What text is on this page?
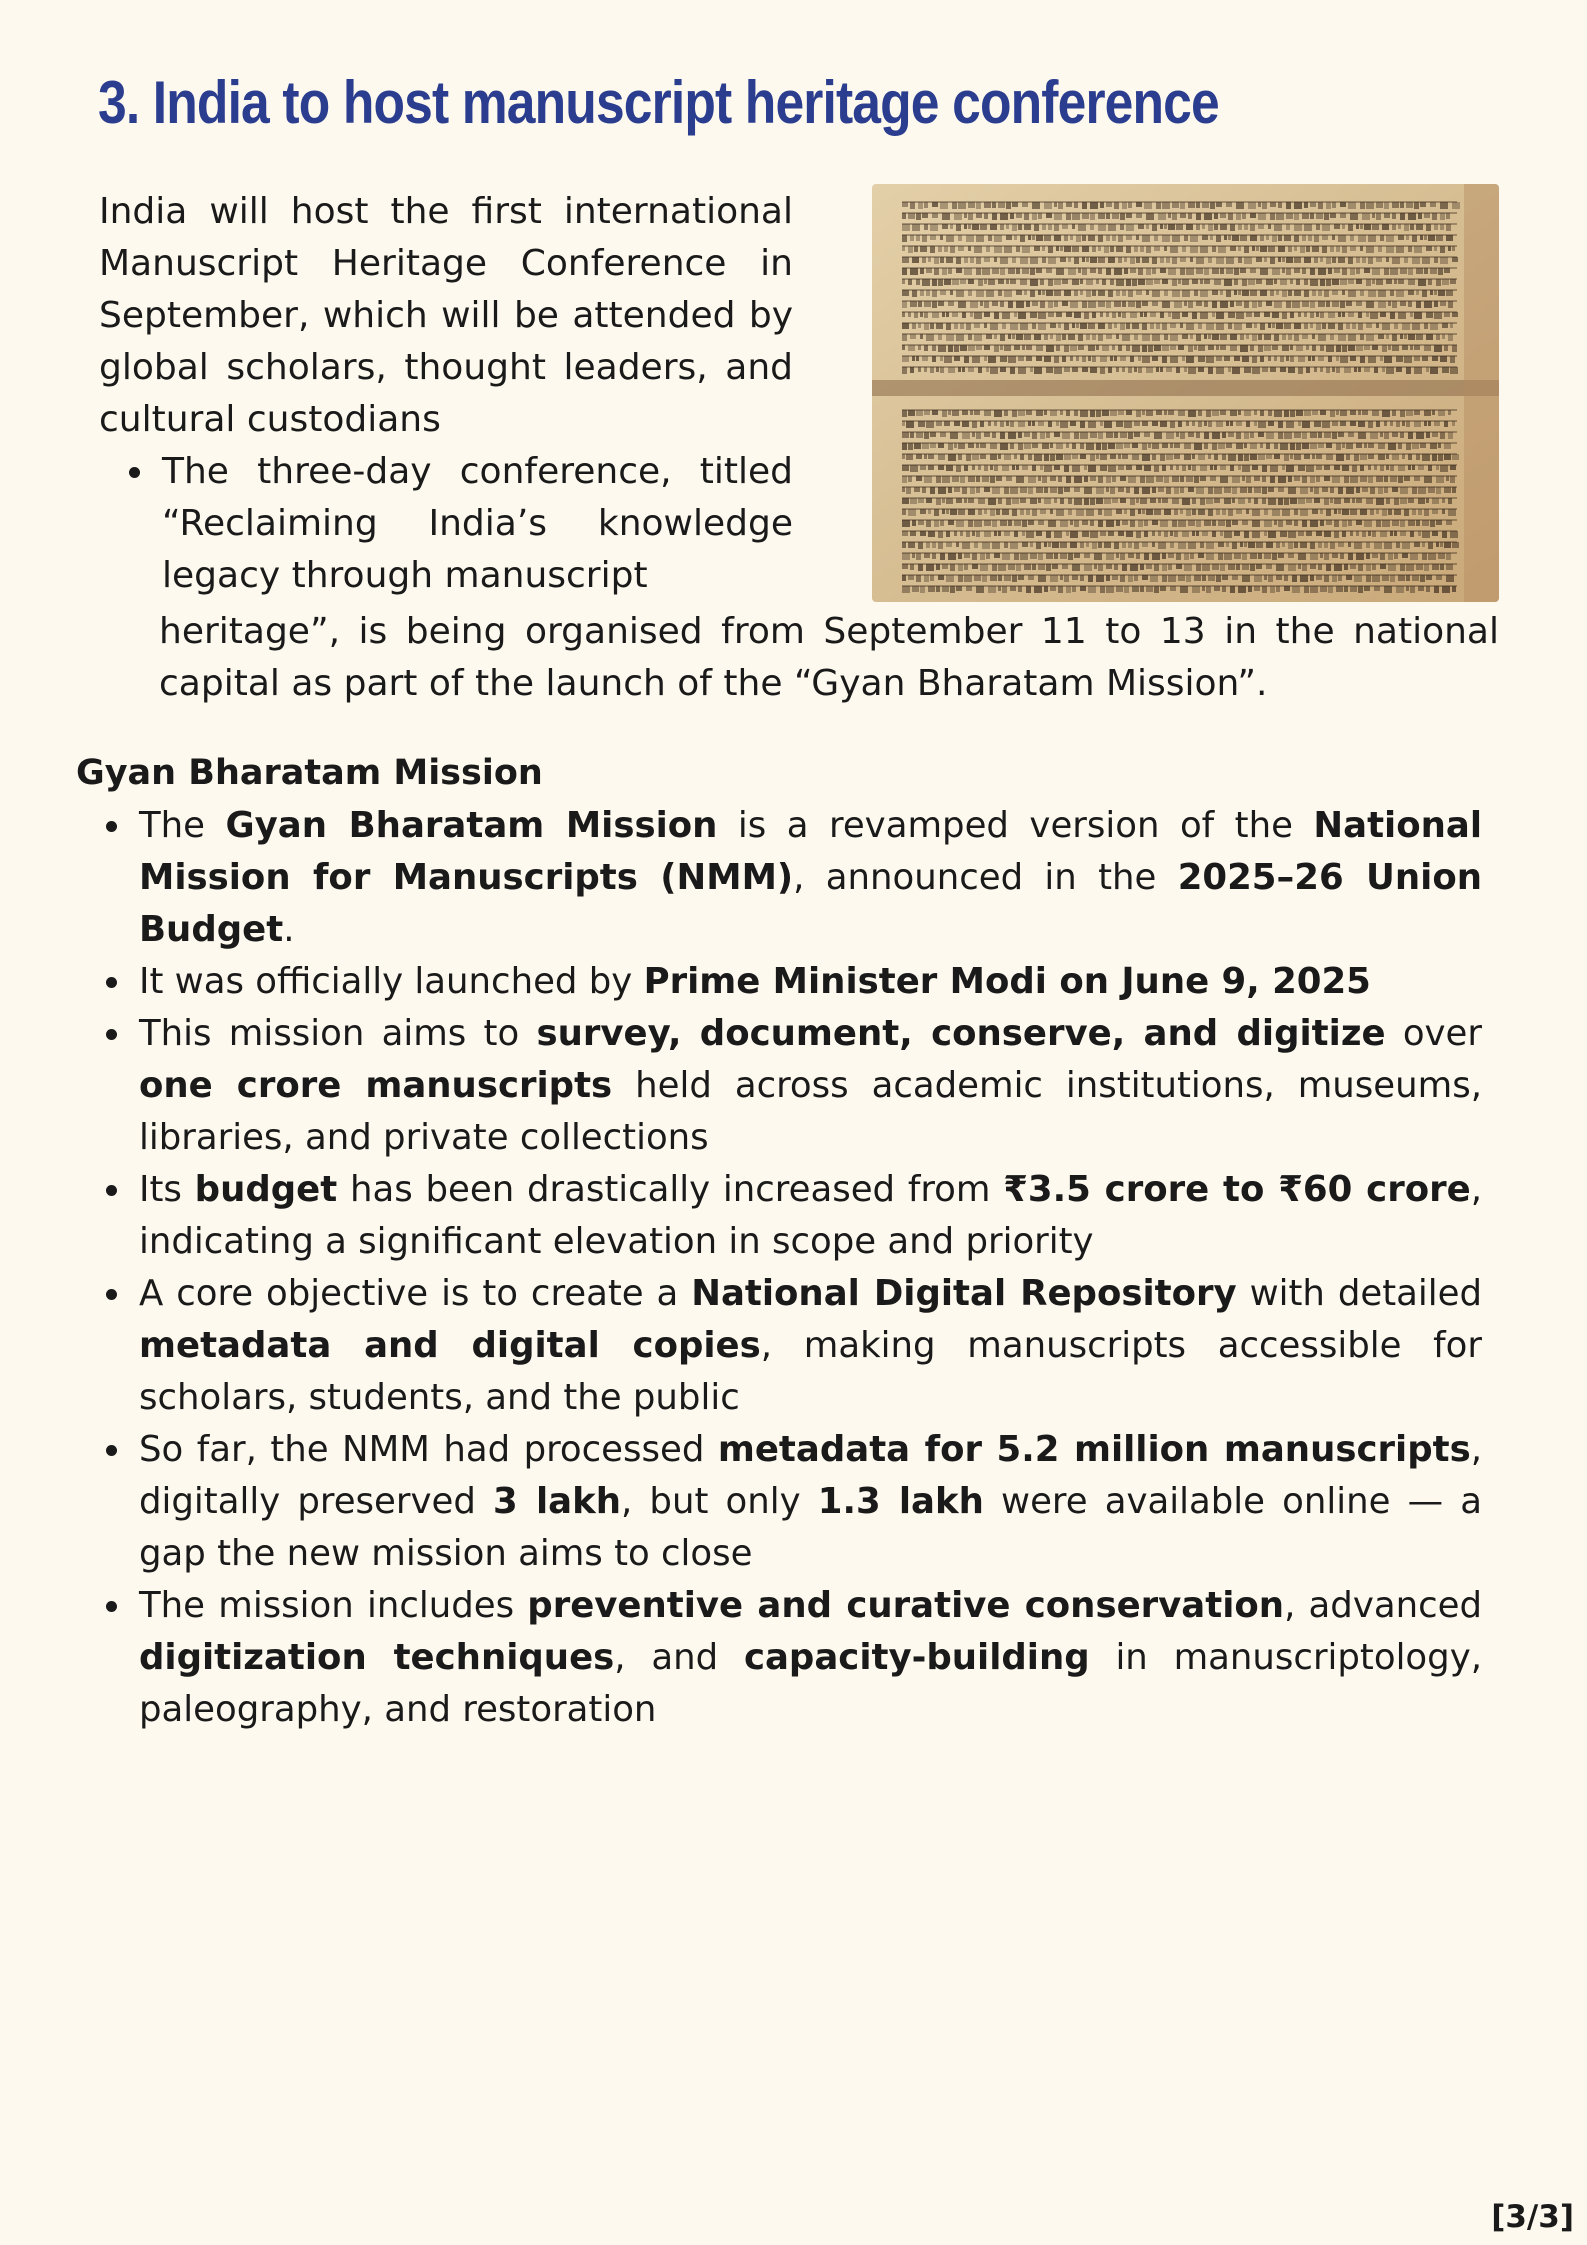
3. India to host manuscript heritage conference

India will host the first international Manuscript Heritage Conference in September, which will be attended by global scholars, thought leaders, and cultural custodians

The three-day conference, titled “Reclaiming India’s knowledge legacy through manuscript

heritage”, is being organised from September 11 to 13 in the national capital as part of the launch of the “Gyan Bharatam Mission”.

Gyan Bharatam Mission
The Gyan Bharatam Mission is a revamped version of the National Mission for Manuscripts (NMM), announced in the 2025–26 Union Budget.
It was officially launched by Prime Minister Modi on June 9, 2025
This mission aims to survey, document, conserve, and digitize over one crore manuscripts held across academic institutions, museums, libraries, and private collections
Its budget has been drastically increased from ₹3.5 crore to ₹60 crore, indicating a significant elevation in scope and priority
A core objective is to create a National Digital Repository with detailed metadata and digital copies, making manuscripts accessible for scholars, students, and the public
So far, the NMM had processed metadata for 5.2 million manuscripts, digitally preserved 3 lakh, but only 1.3 lakh were available online — a gap the new mission aims to close
The mission includes preventive and curative conservation, advanced digitization techniques, and capacity-building in manuscriptology, paleography, and restoration
[3/3]
